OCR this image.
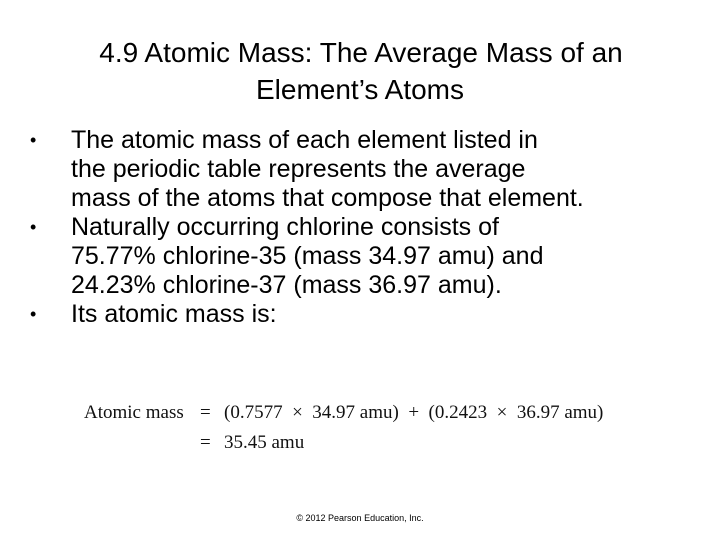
4.9 Atomic Mass: The Average Mass of an
Element’s Atoms
•	The atomic mass of each element listed in
the periodic table represents the average
mass of the atoms that compose that element.
•	Naturally occurring chlorine consists of
75.77% chlorine-35 (mass 34.97 amu) and
24.23% chlorine-37 (mass 36.97 amu).
•	Its atomic mass is:
Atomic mass = (0.7577  ×  34.97 amu)  +  (0.2423  ×  36.97 amu)
= 35.45 amu
© 2012 Pearson Education, Inc.
